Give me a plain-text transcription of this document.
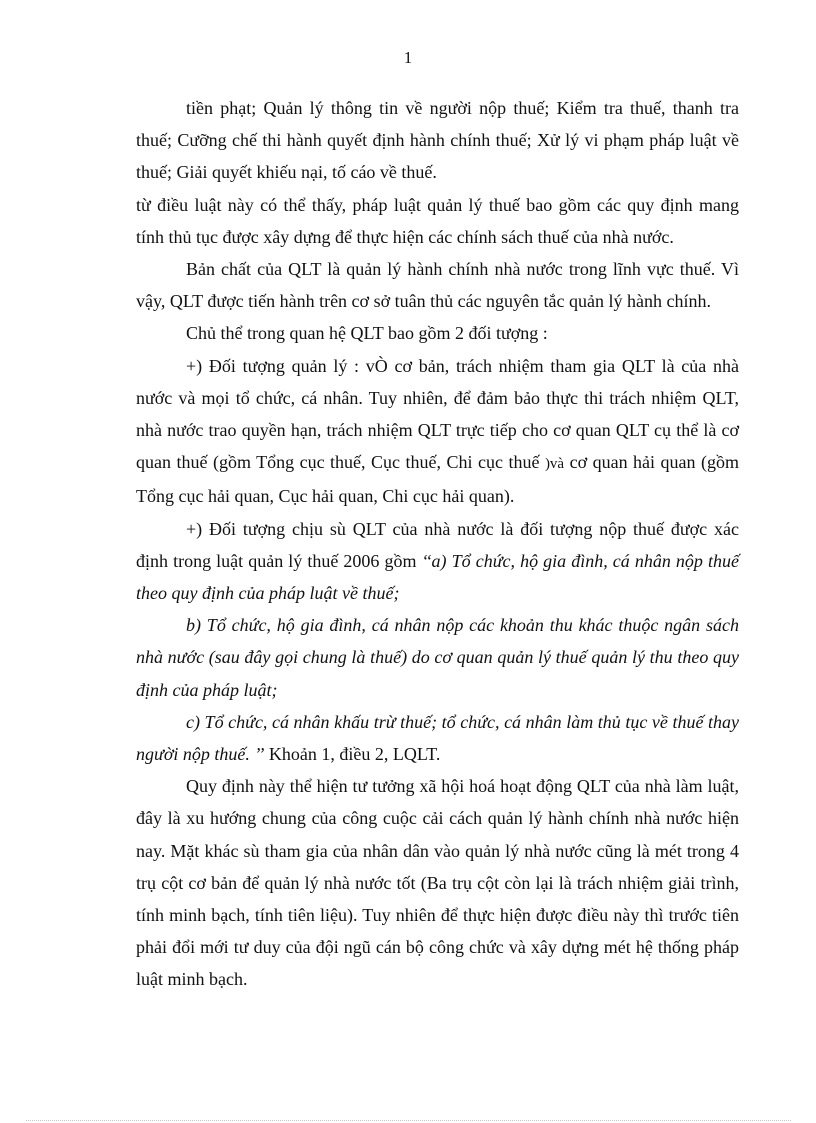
1

tiền phạt; Quản lý thông tin về người nộp thuế; Kiểm tra thuế, thanh tra thuế; Cưỡng chế thi hành quyết định hành chính thuế; Xử lý vi phạm pháp luật về thuế; Giải quyết khiếu nại, tố cáo về thuế.

từ điều luật này có thể thấy, pháp luật quản lý thuế bao gồm các quy định mang tính thủ tục được xây dựng để thực hiện các chính sách thuế của nhà nước.

Bản chất của QLT là quản lý hành chính nhà nước trong lĩnh vực thuế. Vì vậy, QLT được tiến hành trên cơ sở tuân thủ các nguyên tắc quản lý hành chính.

Chủ thể trong quan hệ QLT bao gồm 2 đối tượng :

+) Đối tượng quản lý : vÒ cơ bản, trách nhiệm tham gia QLT là của nhà nước và mọi tổ chức, cá nhân. Tuy nhiên, để đảm bảo thực thi trách nhiệm QLT, nhà nước trao quyền hạn, trách nhiệm QLT trực tiếp cho cơ quan QLT cụ thể là cơ quan thuế (gồm Tổng cục thuế, Cục thuế, Chi cục thuế )và cơ quan hải quan (gồm Tổng cục hải quan, Cục hải quan, Chi cục hải quan).

+) Đối tượng chịu sù QLT của nhà nước là đối tượng nộp thuế được xác định trong luật quản lý thuế 2006 gồm ‘‘a) Tổ chức, hộ gia đình, cá nhân nộp thuế theo quy định của pháp luật về thuế;

b) Tổ chức, hộ gia đình, cá nhân nộp các khoản thu khác thuộc ngân sách nhà nước (sau đây gọi chung là thuế) do cơ quan quản lý thuế quản lý thu theo quy định của pháp luật;

c) Tổ chức, cá nhân khấu trừ thuế; tổ chức, cá nhân làm thủ tục về thuế thay người nộp thuế. ’’ Khoản 1, điều 2, LQLT.

Quy định này thể hiện tư tưởng xã hội hoá hoạt động QLT của nhà làm luật, đây là xu hướng chung của công cuộc cải cách quản lý hành chính nhà nước hiện nay. Mặt khác sù tham gia của nhân dân vào quản lý nhà nước cũng là mét trong 4 trụ cột cơ bản để quản lý nhà nước tốt (Ba trụ cột còn lại là trách nhiệm giải trình, tính minh bạch, tính tiên liệu). Tuy nhiên để thực hiện được điều này thì trước tiên phải đổi mới tư duy của đội ngũ cán bộ công chức và xây dựng mét hệ thống pháp luật minh bạch.
